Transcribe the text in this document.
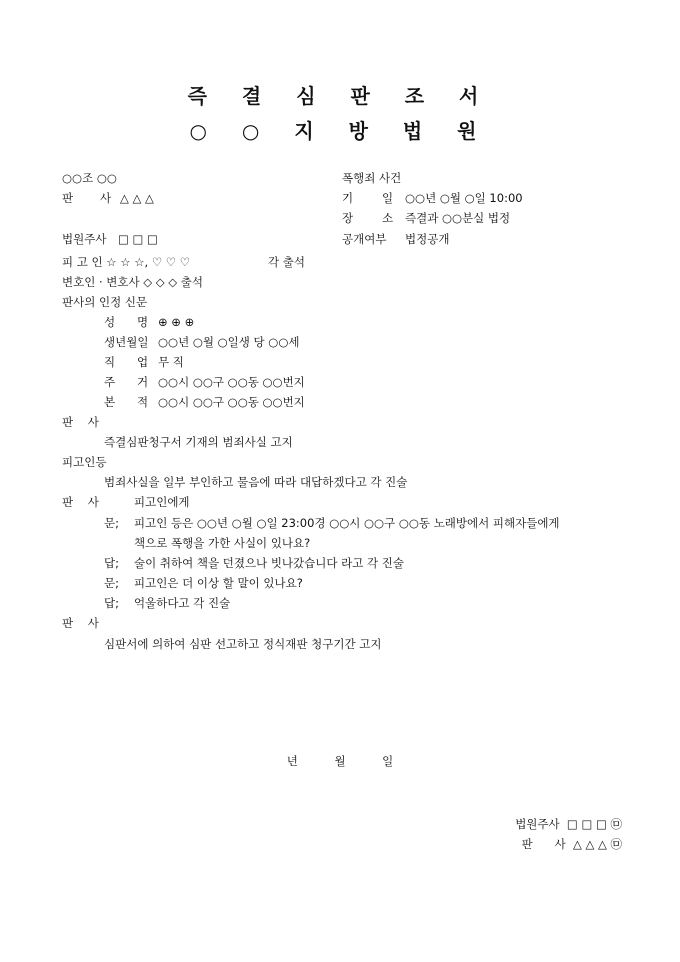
즉 결 심 판 조 서
○ ○ 지 방 법 원
○○조 ○○
판 사 △ △ △
법원주사 □ □ □
폭행죄 사건
기	일 ○○년 ○월 ○일 10:00
장	소 즉결과 ○○분실 법정
공개여부 법정공개
피 고 인 ☆ ☆ ☆, ♡ ♡ ♡	각 출석
변호인 · 변호사 ◇ ◇ ◇ 출석
판사의 인정 신문
성      명 ⊕ ⊕ ⊕
생년월일 ○○년 ○월 ○일생 당 ○○세
직      업 무 직
주      거 ○○시 ○○구 ○○동 ○○번지
본      적 ○○시 ○○구 ○○동 ○○번지
판    사
즉결심판청구서 기재의 범죄사실 고지
피고인등
범죄사실을 일부 부인하고 물음에 따라 대답하겠다고 각 진술
판    사	피고인에게
문; 피고인 등은 ○○년 ○월 ○일 23:00경 ○○시 ○○구 ○○동 노래방에서 피해자들에게
책으로 폭행을 가한 사실이 있나요?
답; 술이 취하여 책을 던졌으나 빗나갔습니다 라고 각 진술
문; 피고인은 더 이상 할 말이 있나요?
답; 억울하다고 각 진술
판    사
심판서에 의하여 심판 선고하고 정식재판 청구기간 고지
년          월          일
법원주사  □ □ □ ㉤
판      사  △ △ △ ㉤
